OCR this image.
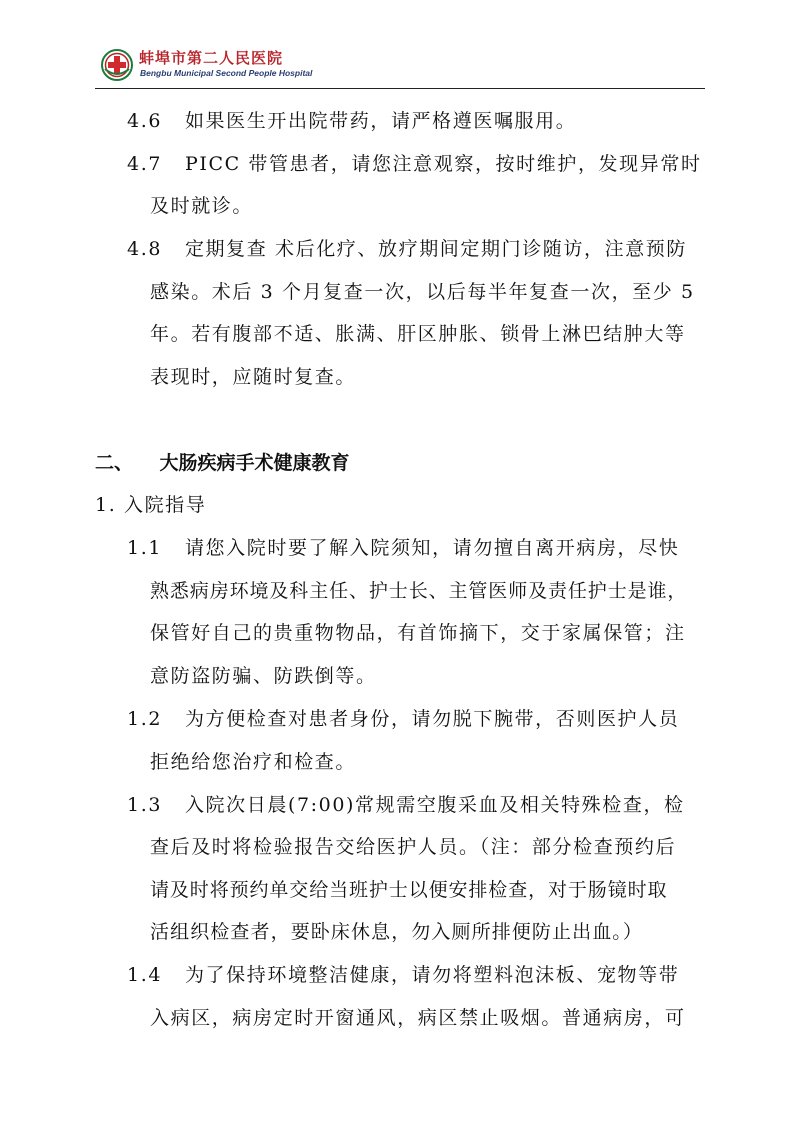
蚌埠市第二人民医院
Bengbu Municipal Second People Hospital
4.6 如果医生开出院带药，请严格遵医嘱服用。
4.7 PICC 带管患者，请您注意观察，按时维护，发现异常时
及时就诊。
4.8 定期复查 术后化疗、放疗期间定期门诊随访，注意预防
感染。术后 3 个月复查一次，以后每半年复查一次，至少 5
年。若有腹部不适、胀满、肝区肿胀、锁骨上淋巴结肿大等
表现时，应随时复查。
二、 大肠疾病手术健康教育
1. 入院指导
1.1 请您入院时要了解入院须知，请勿擅自离开病房，尽快
熟悉病房环境及科主任、护士长、主管医师及责任护士是谁，
保管好自己的贵重物物品，有首饰摘下，交于家属保管；注
意防盗防骗、防跌倒等。
1.2 为方便检查对患者身份，请勿脱下腕带，否则医护人员
拒绝给您治疗和检查。
1.3 入院次日晨(7:00)常规需空腹采血及相关特殊检查，检
查后及时将检验报告交给医护人员。（注：部分检查预约后
请及时将预约单交给当班护士以便安排检查，对于肠镜时取
活组织检查者，要卧床休息，勿入厕所排便防止出血。）
1.4 为了保持环境整洁健康，请勿将塑料泡沫板、宠物等带
入病区，病房定时开窗通风，病区禁止吸烟。普通病房，可
